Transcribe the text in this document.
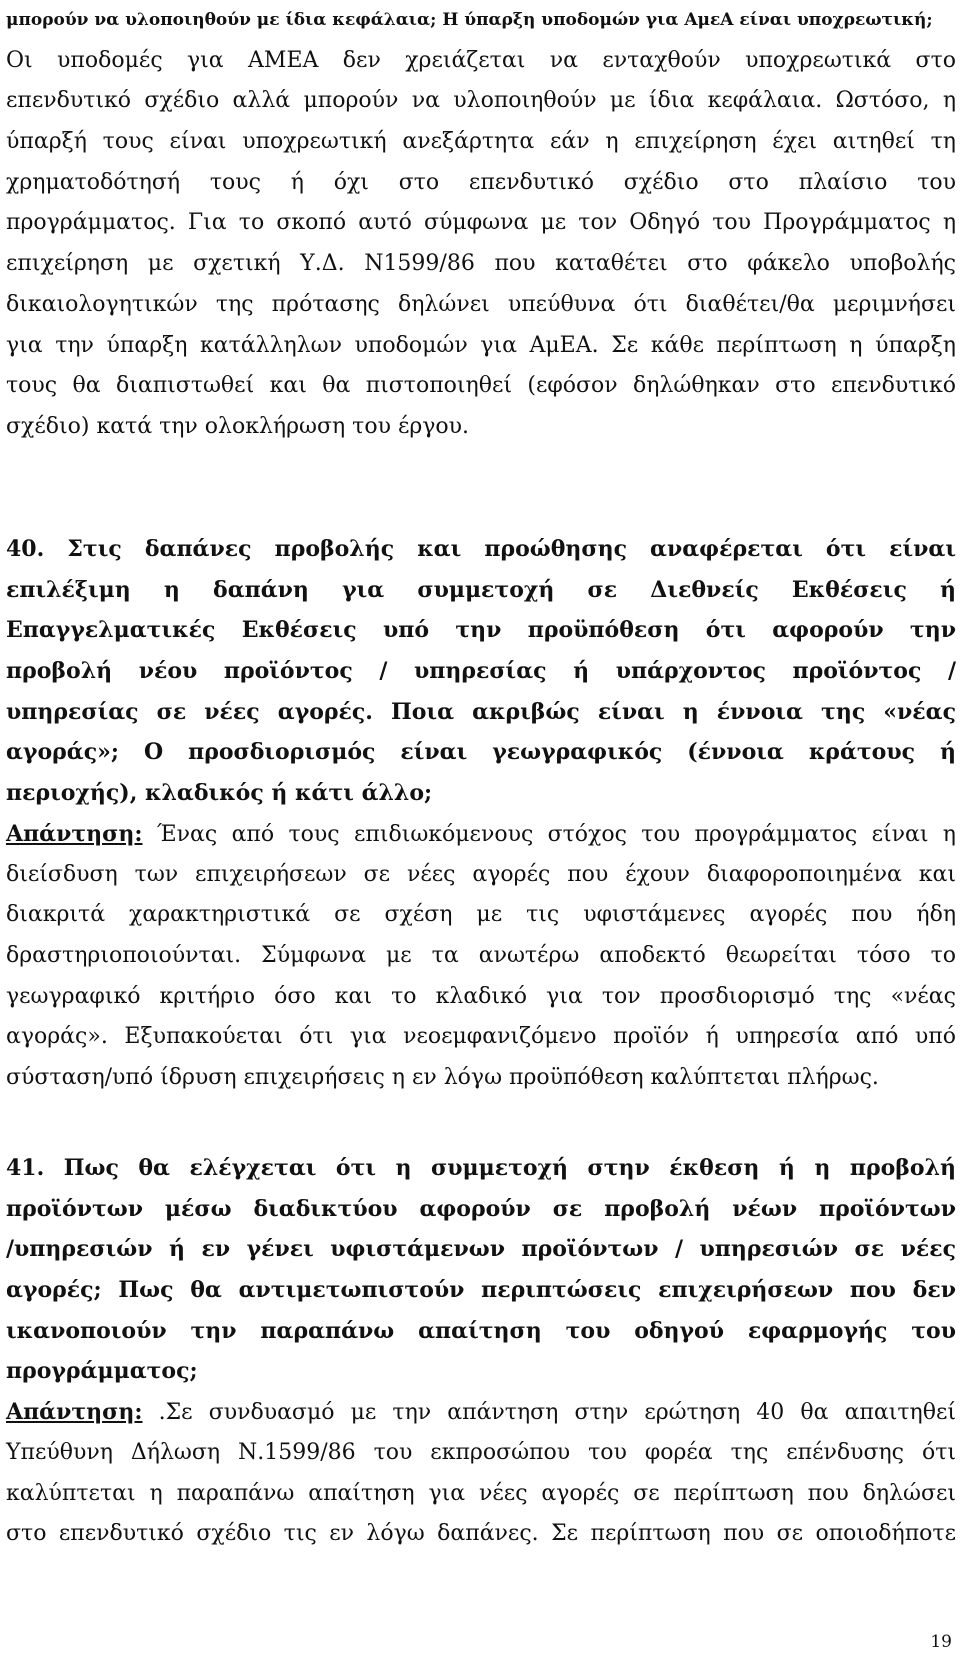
μπορούν να υλοποιηθούν με ίδια κεφάλαια; Η ύπαρξη υποδομών για ΑμεΑ είναι υποχρεωτική;
Οι υποδομές για ΑΜΕΑ δεν χρειάζεται να ενταχθούν υποχρεωτικά στο
επενδυτικό σχέδιο αλλά μπορούν να υλοποιηθούν με ίδια κεφάλαια. Ωστόσο, η
ύπαρξή τους είναι υποχρεωτική ανεξάρτητα εάν η επιχείρηση έχει αιτηθεί τη
χρηματοδότησή τους ή όχι στο επενδυτικό σχέδιο στο πλαίσιο του
προγράμματος. Για το σκοπό αυτό σύμφωνα με τον Οδηγό του Προγράμματος η
επιχείρηση με σχετική Υ.Δ. Ν1599/86 που καταθέτει στο φάκελο υποβολής
δικαιολογητικών της πρότασης δηλώνει υπεύθυνα ότι διαθέτει/θα μεριμνήσει
για την ύπαρξη κατάλληλων υποδομών για ΑμΕΑ. Σε κάθε περίπτωση η ύπαρξη
τους θα διαπιστωθεί και θα πιστοποιηθεί (εφόσον δηλώθηκαν στο επενδυτικό
σχέδιο) κατά την ολοκλήρωση του έργου.
40. Στις δαπάνες προβολής και προώθησης αναφέρεται ότι είναι
επιλέξιμη η δαπάνη για συμμετοχή σε Διεθνείς Εκθέσεις ή
Επαγγελματικές Εκθέσεις υπό την προϋπόθεση ότι αφορούν την
προβολή νέου προϊόντος / υπηρεσίας ή υπάρχοντος προϊόντος /
υπηρεσίας σε νέες αγορές. Ποια ακριβώς είναι η έννοια της «νέας
αγοράς»; Ο προσδιορισμός είναι γεωγραφικός (έννοια κράτους ή
περιοχής), κλαδικός ή κάτι άλλο;
Απάντηση: Ένας από τους επιδιωκόμενους στόχος του προγράμματος είναι η
διείσδυση των επιχειρήσεων σε νέες αγορές που έχουν διαφοροποιημένα και
διακριτά χαρακτηριστικά σε σχέση με τις υφιστάμενες αγορές που ήδη
δραστηριοποιούνται. Σύμφωνα με τα ανωτέρω αποδεκτό θεωρείται τόσο το
γεωγραφικό κριτήριο όσο και το κλαδικό για τον προσδιορισμό της «νέας
αγοράς». Εξυπακούεται ότι για νεοεμφανιζόμενο προϊόν ή υπηρεσία από υπό
σύσταση/υπό ίδρυση επιχειρήσεις η εν λόγω προϋπόθεση καλύπτεται πλήρως.
41. Πως θα ελέγχεται ότι η συμμετοχή στην έκθεση ή η προβολή
προϊόντων μέσω διαδικτύου αφορούν σε προβολή νέων προϊόντων
/υπηρεσιών ή εν γένει υφιστάμενων προϊόντων / υπηρεσιών σε νέες
αγορές; Πως θα αντιμετωπιστούν περιπτώσεις επιχειρήσεων που δεν
ικανοποιούν την παραπάνω απαίτηση του οδηγού εφαρμογής του
προγράμματος;
Απάντηση: .Σε συνδυασμό με την απάντηση στην ερώτηση 40 θα απαιτηθεί
Υπεύθυνη Δήλωση Ν.1599/86 του εκπροσώπου του φορέα της επένδυσης ότι
καλύπτεται η παραπάνω απαίτηση για νέες αγορές σε περίπτωση που δηλώσει
στο επενδυτικό σχέδιο τις εν λόγω δαπάνες. Σε περίπτωση που σε οποιοδήποτε
19
